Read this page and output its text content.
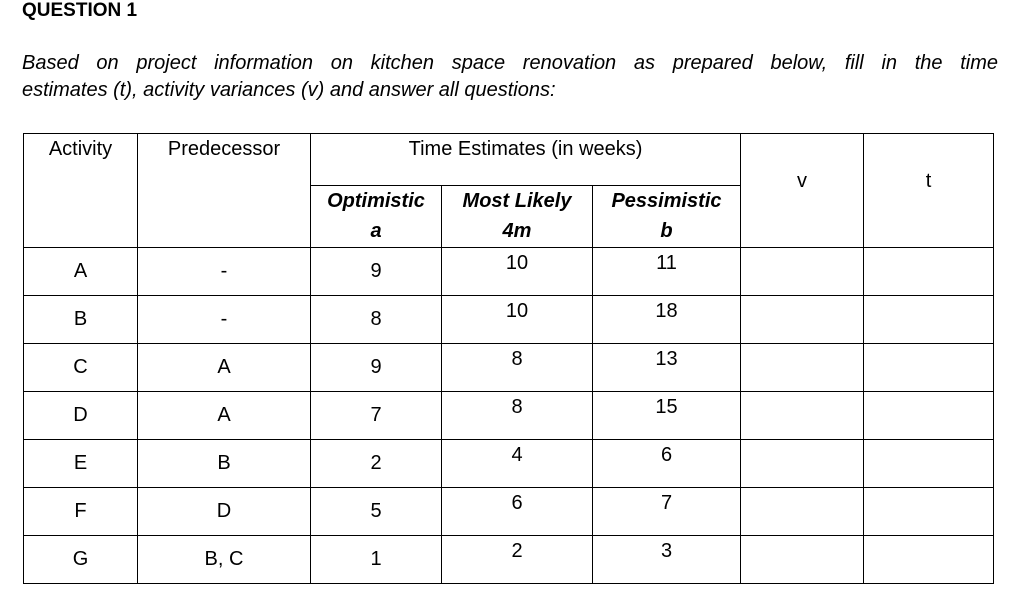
QUESTION 1
Based on project information on kitchen space renovation as prepared below, fill in the time
estimates (t), activity variances (v) and answer all questions:
Activity	Predecessor	Time Estimates (in weeks)			v	t
		Optimistic	Most Likely	Pessimistic		
		a	4m	b		
A	-	9	10	11		
B	-	8	10	18		
C	A	9	8	13		
D	A	7	8	15		
E	B	2	4	6		
F	D	5	6	7		
G	B, C	1	2	3		
